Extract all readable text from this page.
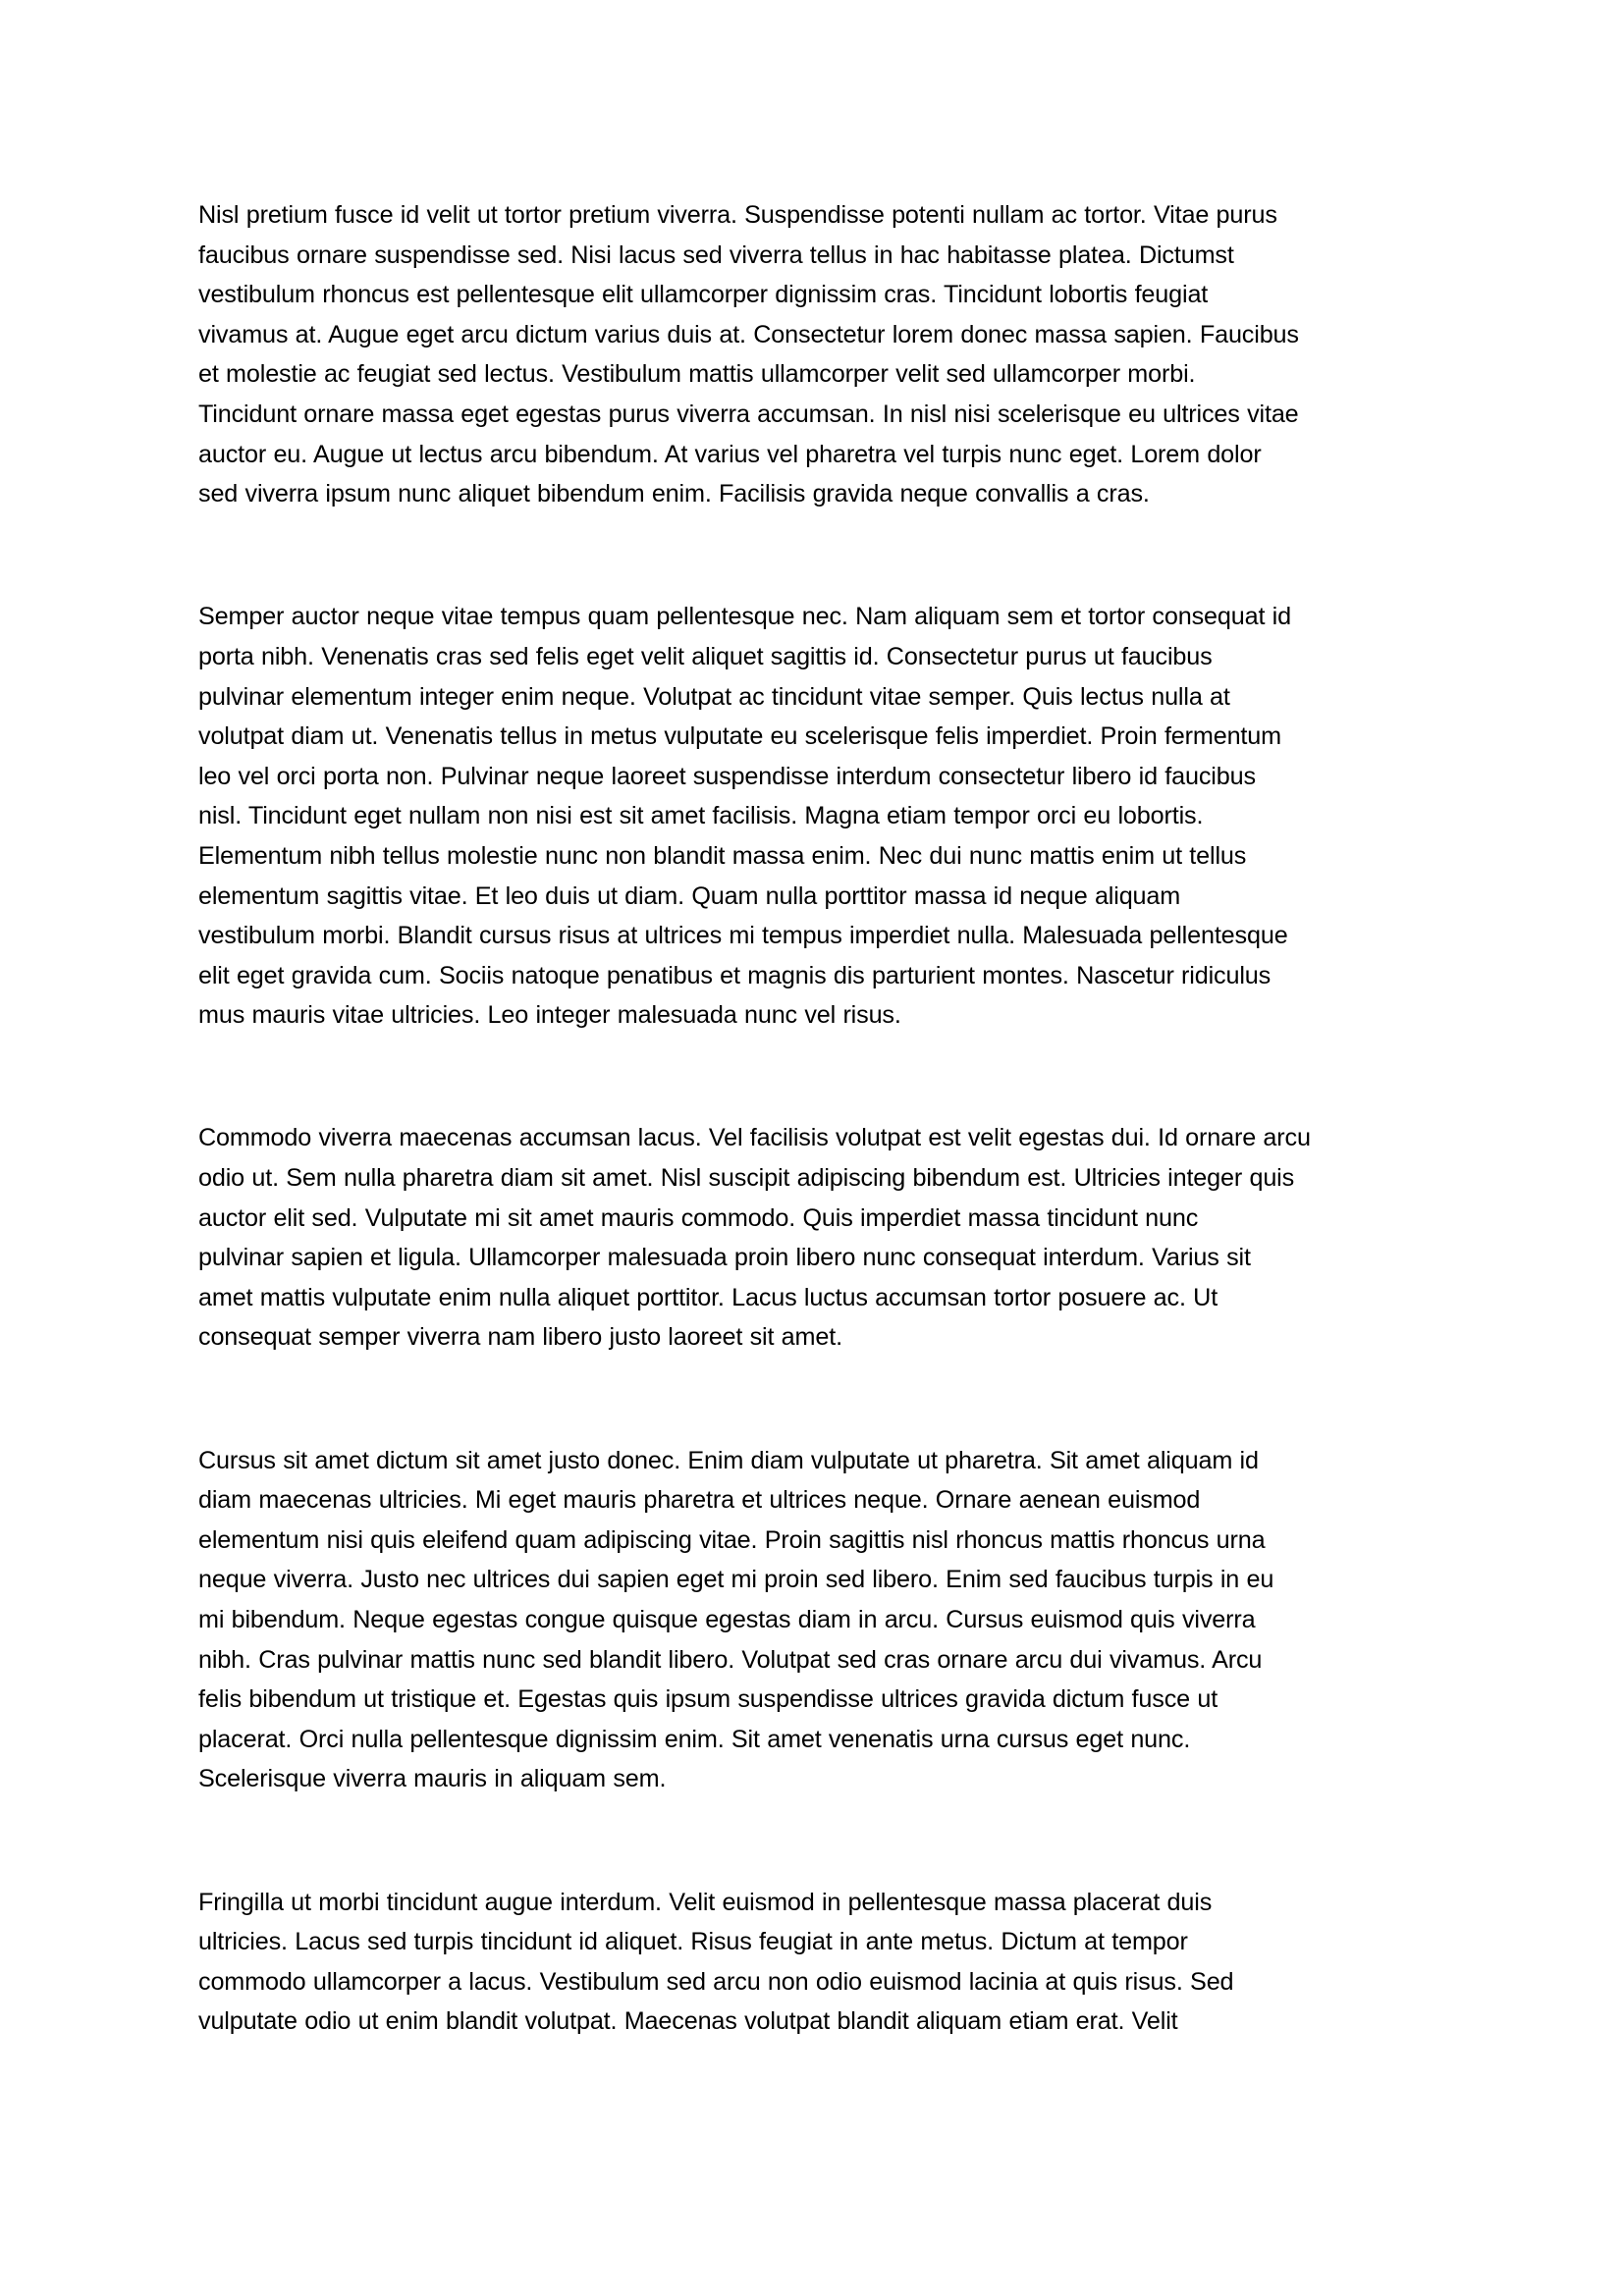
Nisl pretium fusce id velit ut tortor pretium viverra. Suspendisse potenti nullam ac tortor. Vitae purus
faucibus ornare suspendisse sed. Nisi lacus sed viverra tellus in hac habitasse platea. Dictumst
vestibulum rhoncus est pellentesque elit ullamcorper dignissim cras. Tincidunt lobortis feugiat
vivamus at. Augue eget arcu dictum varius duis at. Consectetur lorem donec massa sapien. Faucibus
et molestie ac feugiat sed lectus. Vestibulum mattis ullamcorper velit sed ullamcorper morbi.
Tincidunt ornare massa eget egestas purus viverra accumsan. In nisl nisi scelerisque eu ultrices vitae
auctor eu. Augue ut lectus arcu bibendum. At varius vel pharetra vel turpis nunc eget. Lorem dolor
sed viverra ipsum nunc aliquet bibendum enim. Facilisis gravida neque convallis a cras.

Semper auctor neque vitae tempus quam pellentesque nec. Nam aliquam sem et tortor consequat id
porta nibh. Venenatis cras sed felis eget velit aliquet sagittis id. Consectetur purus ut faucibus
pulvinar elementum integer enim neque. Volutpat ac tincidunt vitae semper. Quis lectus nulla at
volutpat diam ut. Venenatis tellus in metus vulputate eu scelerisque felis imperdiet. Proin fermentum
leo vel orci porta non. Pulvinar neque laoreet suspendisse interdum consectetur libero id faucibus
nisl. Tincidunt eget nullam non nisi est sit amet facilisis. Magna etiam tempor orci eu lobortis.
Elementum nibh tellus molestie nunc non blandit massa enim. Nec dui nunc mattis enim ut tellus
elementum sagittis vitae. Et leo duis ut diam. Quam nulla porttitor massa id neque aliquam
vestibulum morbi. Blandit cursus risus at ultrices mi tempus imperdiet nulla. Malesuada pellentesque
elit eget gravida cum. Sociis natoque penatibus et magnis dis parturient montes. Nascetur ridiculus
mus mauris vitae ultricies. Leo integer malesuada nunc vel risus.

Commodo viverra maecenas accumsan lacus. Vel facilisis volutpat est velit egestas dui. Id ornare arcu
odio ut. Sem nulla pharetra diam sit amet. Nisl suscipit adipiscing bibendum est. Ultricies integer quis
auctor elit sed. Vulputate mi sit amet mauris commodo. Quis imperdiet massa tincidunt nunc
pulvinar sapien et ligula. Ullamcorper malesuada proin libero nunc consequat interdum. Varius sit
amet mattis vulputate enim nulla aliquet porttitor. Lacus luctus accumsan tortor posuere ac. Ut
consequat semper viverra nam libero justo laoreet sit amet.

Cursus sit amet dictum sit amet justo donec. Enim diam vulputate ut pharetra. Sit amet aliquam id
diam maecenas ultricies. Mi eget mauris pharetra et ultrices neque. Ornare aenean euismod
elementum nisi quis eleifend quam adipiscing vitae. Proin sagittis nisl rhoncus mattis rhoncus urna
neque viverra. Justo nec ultrices dui sapien eget mi proin sed libero. Enim sed faucibus turpis in eu
mi bibendum. Neque egestas congue quisque egestas diam in arcu. Cursus euismod quis viverra
nibh. Cras pulvinar mattis nunc sed blandit libero. Volutpat sed cras ornare arcu dui vivamus. Arcu
felis bibendum ut tristique et. Egestas quis ipsum suspendisse ultrices gravida dictum fusce ut
placerat. Orci nulla pellentesque dignissim enim. Sit amet venenatis urna cursus eget nunc.
Scelerisque viverra mauris in aliquam sem.

Fringilla ut morbi tincidunt augue interdum. Velit euismod in pellentesque massa placerat duis
ultricies. Lacus sed turpis tincidunt id aliquet. Risus feugiat in ante metus. Dictum at tempor
commodo ullamcorper a lacus. Vestibulum sed arcu non odio euismod lacinia at quis risus. Sed
vulputate odio ut enim blandit volutpat. Maecenas volutpat blandit aliquam etiam erat. Velit
